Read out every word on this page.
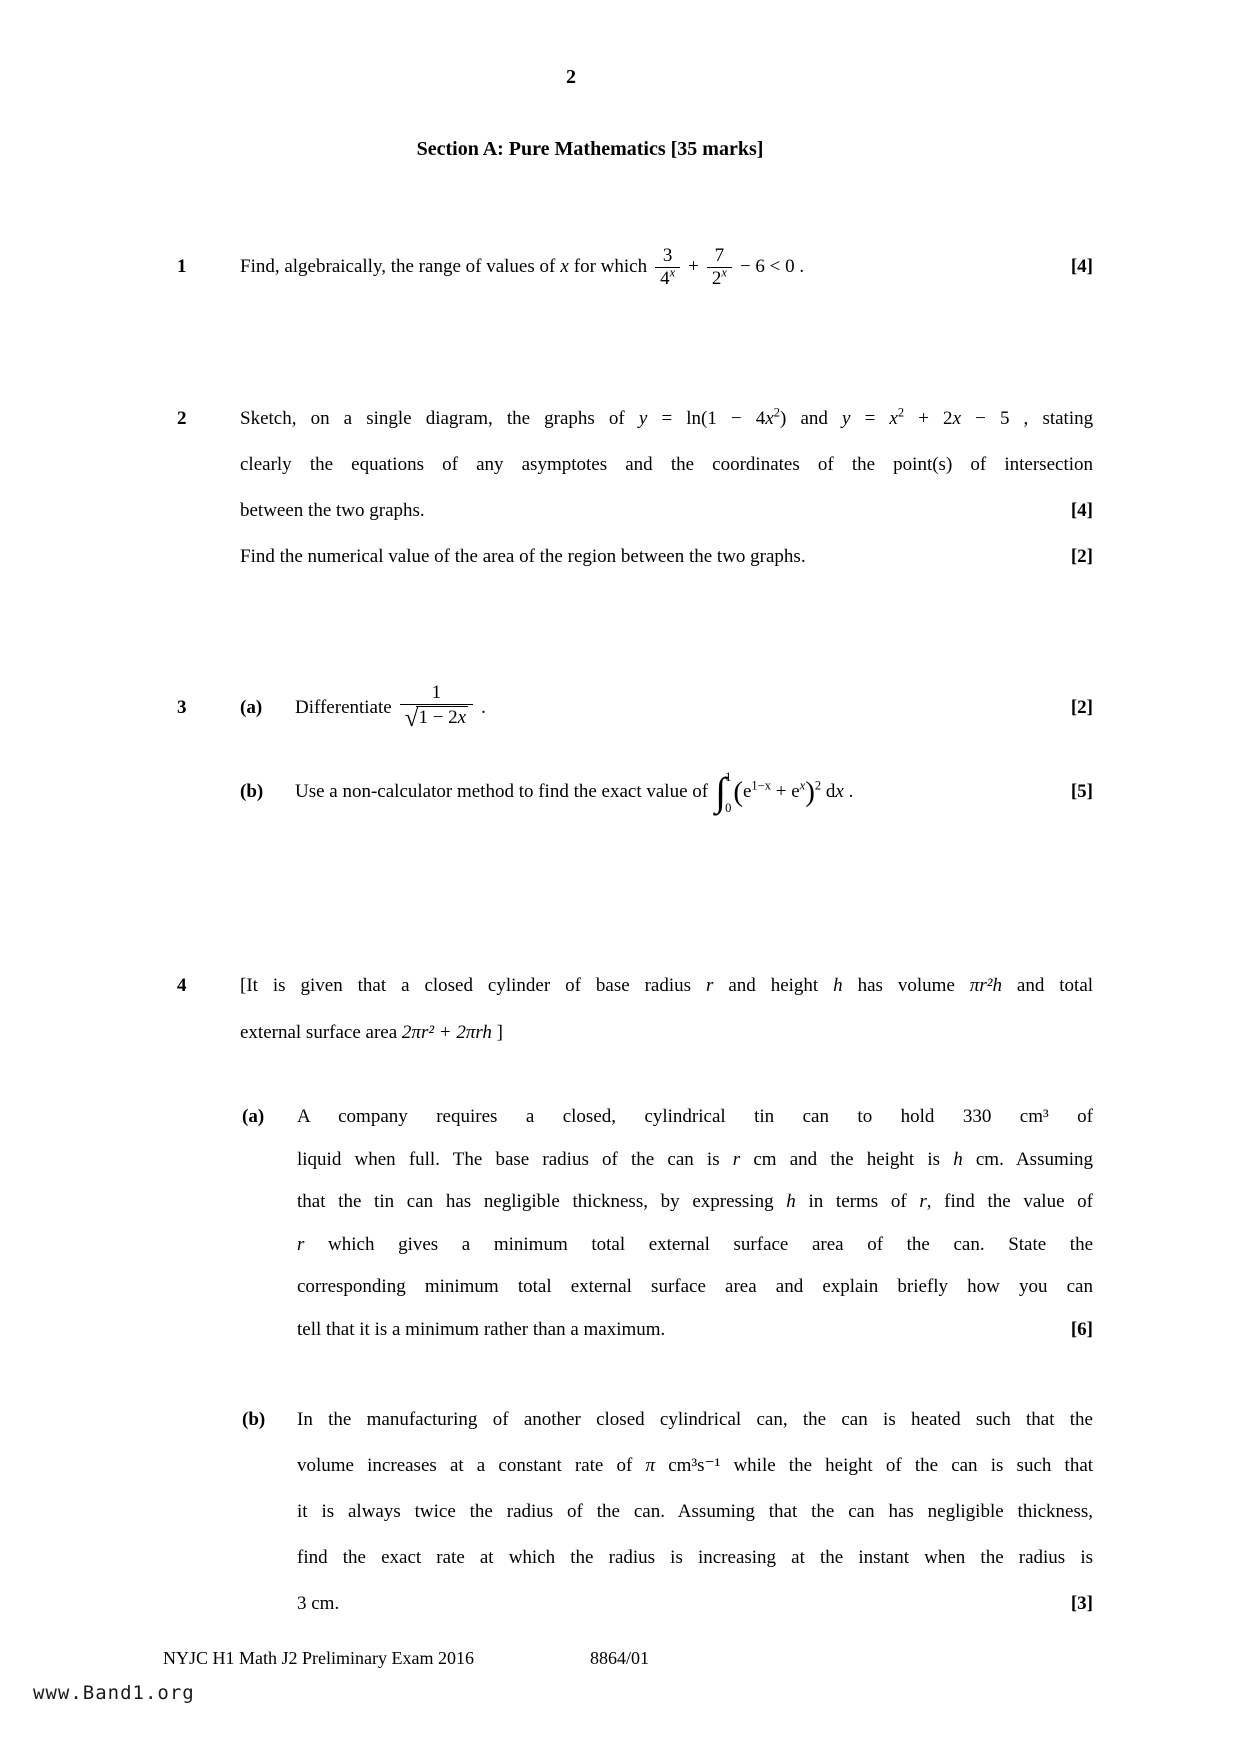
2
Section A: Pure Mathematics [35 marks]
1	Find, algebraically, the range of values of x for which $\frac{3}{4^x} + \frac{7}{2^x} - 6 < 0$ .	[4]
2	Sketch, on a single diagram, the graphs of $y = \ln(1 - 4x^2)$ and $y = x^2 + 2x - 5$ , stating
clearly the equations of any asymptotes and the coordinates of the point(s) of intersection
between the two graphs.	[4]
Find the numerical value of the area of the region between the two graphs.	[2]
3	(a)	Differentiate $\frac{1}{√1 - 2x}$ .	[2]
(b)	Use a non-calculator method to find the exact value of ∫ 1
0
$(e^{1-x} + e^x)^2$ dx .	[5]
4	[It is given that a closed cylinder of base radius r and height h has volume πr²h and total
external surface area 2πr² + 2πrh ]
(a) A company requires a closed, cylindrical tin can to hold 330 cm³ of
liquid when full. The base radius of the can is r cm and the height is h cm. Assuming
that the tin can has negligible thickness, by expressing h in terms of r, find the value of
r which gives a minimum total external surface area of the can. State the
corresponding minimum total external surface area and explain briefly how you can
tell that it is a minimum rather than a maximum.	[6]
(b) In the manufacturing of another closed cylindrical can, the can is heated such that the
volume increases at a constant rate of π cm³s⁻¹ while the height of the can is such that
it is always twice the radius of the can. Assuming that the can has negligible thickness,
find the exact rate at which the radius is increasing at the instant when the radius is
3 cm.	[3]
NYJC H1 Math J2 Preliminary Exam 2016	8864/01
www.Band1.org
